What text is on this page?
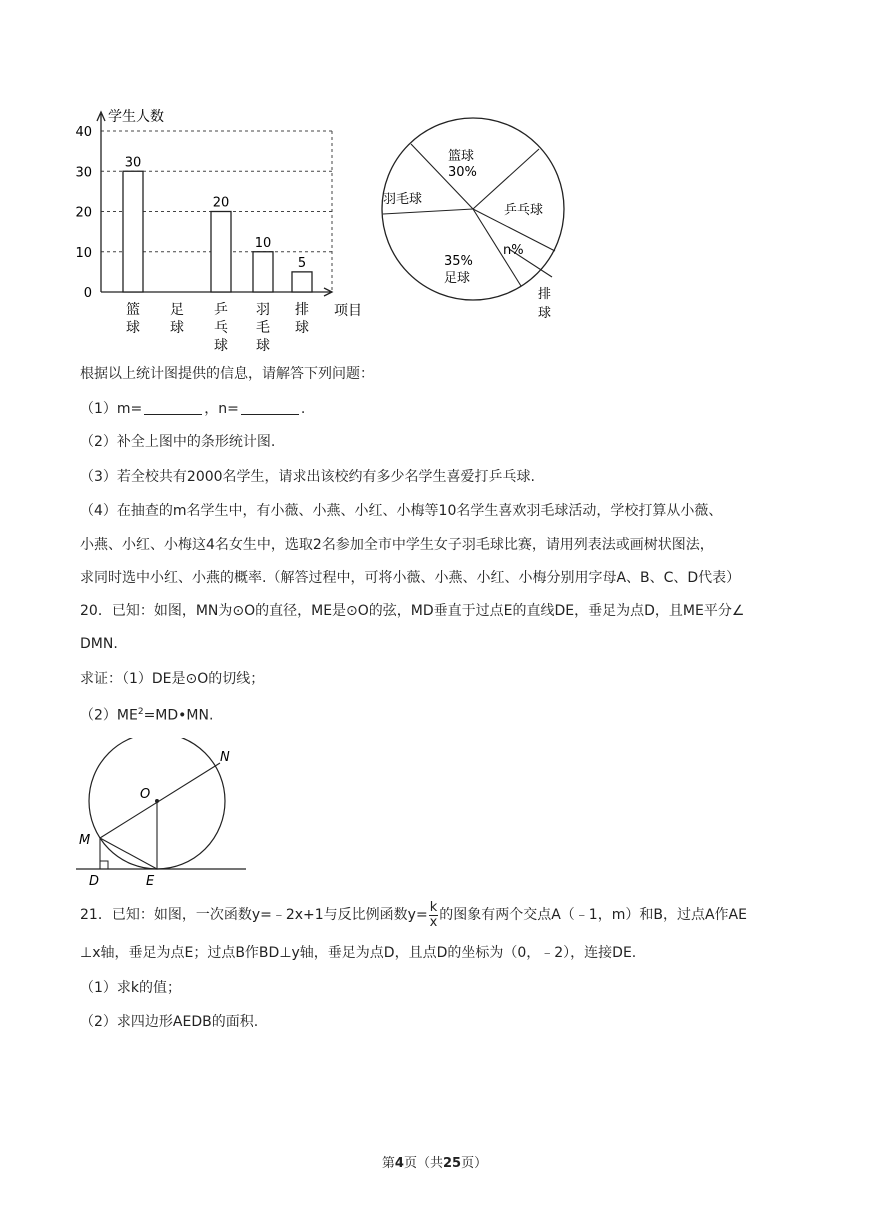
0
10
20
30
40
30
篮
球
足
球
20
乒
乓
球
10
羽
毛
球
5
排
球
学生人数
项目
篮球
30%
羽毛球
乒乓球
n%
35%
足球
排球
根据以上统计图提供的信息，请解答下列问题：
（1）m=	，n=	.
（2）补全上图中的条形统计图.
（3）若全校共有2000名学生，请求出该校约有多少名学生喜爱打乒乓球.
（4）在抽查的m名学生中，有小薇、小燕、小红、小梅等10名学生喜欢羽毛球活动，学校打算从小薇、
小燕、小红、小梅这4名女生中，选取2名参加全市中学生女子羽毛球比赛，请用列表法或画树状图法，
求同时选中小红、小燕的概率.（解答过程中，可将小薇、小燕、小红、小梅分别用字母A、B、C、D代表）
20．已知：如图，MN为⊙O的直径，ME是⊙O的弦，MD垂直于过点E的直线DE，垂足为点D，且ME平分∠
DMN.
求证：（1）DE是⊙O的切线；
$(2)ME^2=MD•MN$.
N
O
M
D	E
21．已知：如图，一次函数y=﹣2x+1与反比例函数$y= \frac{k}{x}$ 的图象有两个交点A（﹣1，m）和B，过点A作AE
⊥x轴，垂足为点E；过点B作BD⊥y轴，垂足为点D，且点D的坐标为（0，﹣2），连接DE.
（1）求k的值；
（2）求四边形AEDB的面积.
第4页（共25页）
